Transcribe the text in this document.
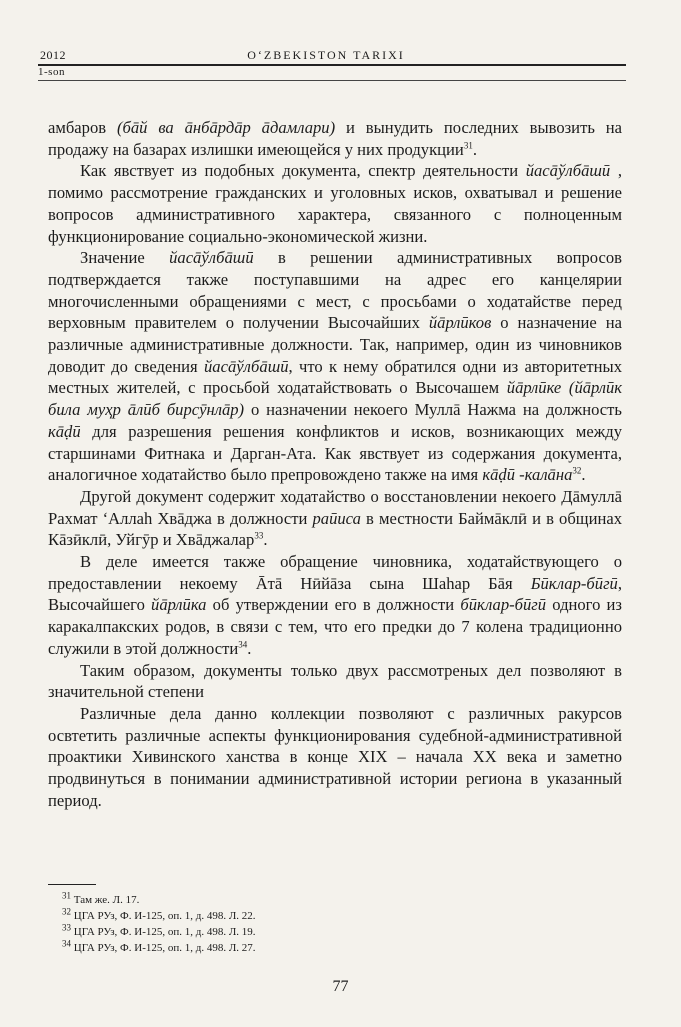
2012	O‘ZBEKISTON TARIXI
1-son

амбаров (бāй ва āнбāрдāр āдамлари) и вынудить последних вывозить на продажу на базарах излишки имеющейся у них продукции$^{31}$.

Как явствует из подобных документа, спектр деятельности йасāўлбāшӣ , помимо рассмотрение гражданских и уголовных исков, охватывал и решение вопросов административного характера, связанного с полноценным функционирование социально-экономической жизни.

Значение йасāўлбāшӣ в решении административных вопросов подтверждается также поступавшими на адрес его канцелярии многочисленными обращениями с мест, с просьбами о ходатайстве перед верховным правителем о получении Высочайших йāрлӣков о назначение на различные административные должности. Так, например, один из чиновников доводит до сведения йасāўлбāшӣ, что к нему обратился одни из авторитетных местных жителей, с просьбой ходатайствовать о Высочашем йāрлӣке (йāрлӣк била муҳр āлӣб бирсӯнлāр) о назначении некоего Муллā Нажма на должность кāḍӣ для разрешения решения конфликтов и исков, возникающих между старшинами Фитнака и Дарган-Ата. Как явствует из содержания документа, аналогичное ходатайство было препровождено также на имя кāḍӣ -калāна$^{32}$.

Другой документ содержит ходатайство о восстановлении некоего Дāмуллā Рахмат ‘Аллаh Хвāджа в должности раӣиса в местности Баймāклӣ и в общинах Кāзӣклӣ, Уйгӯр и Хвāджалар$^{33}$.

В деле имеется также обращение чиновника, ходатайствующего о предоставлении некоему Āтā Нӣйāза сына Шаhар Бāя Бӣклар-бӣгӣ, Высочайшего йāрлӣка об утверждении его в должности бӣклар-бӣгӣ одного из каракалпакских родов, в связи с тем, что его предки до 7 колена традиционно служили в этой должности$^{34}$.

Таким образом, документы только двух рассмотреных дел позволяют в значительной степени

Различные дела данно коллекции позволяют с различных ракурсов освтетить различные аспекты функционирования судебной-административной проактики Хивинского ханства в конце XIX – начала XX века и заметно продвинуться в понимании административной истории региона в указанный период.

$^{31}$ Там же. Л. 17.
$^{32}$ ЦГА РУз, Ф. И-125, оп. 1, д. 498. Л. 22.
$^{33}$ ЦГА РУз, Ф. И-125, оп. 1, д. 498. Л. 19.
$^{34}$ ЦГА РУз, Ф. И-125, оп. 1, д. 498. Л. 27.
77
